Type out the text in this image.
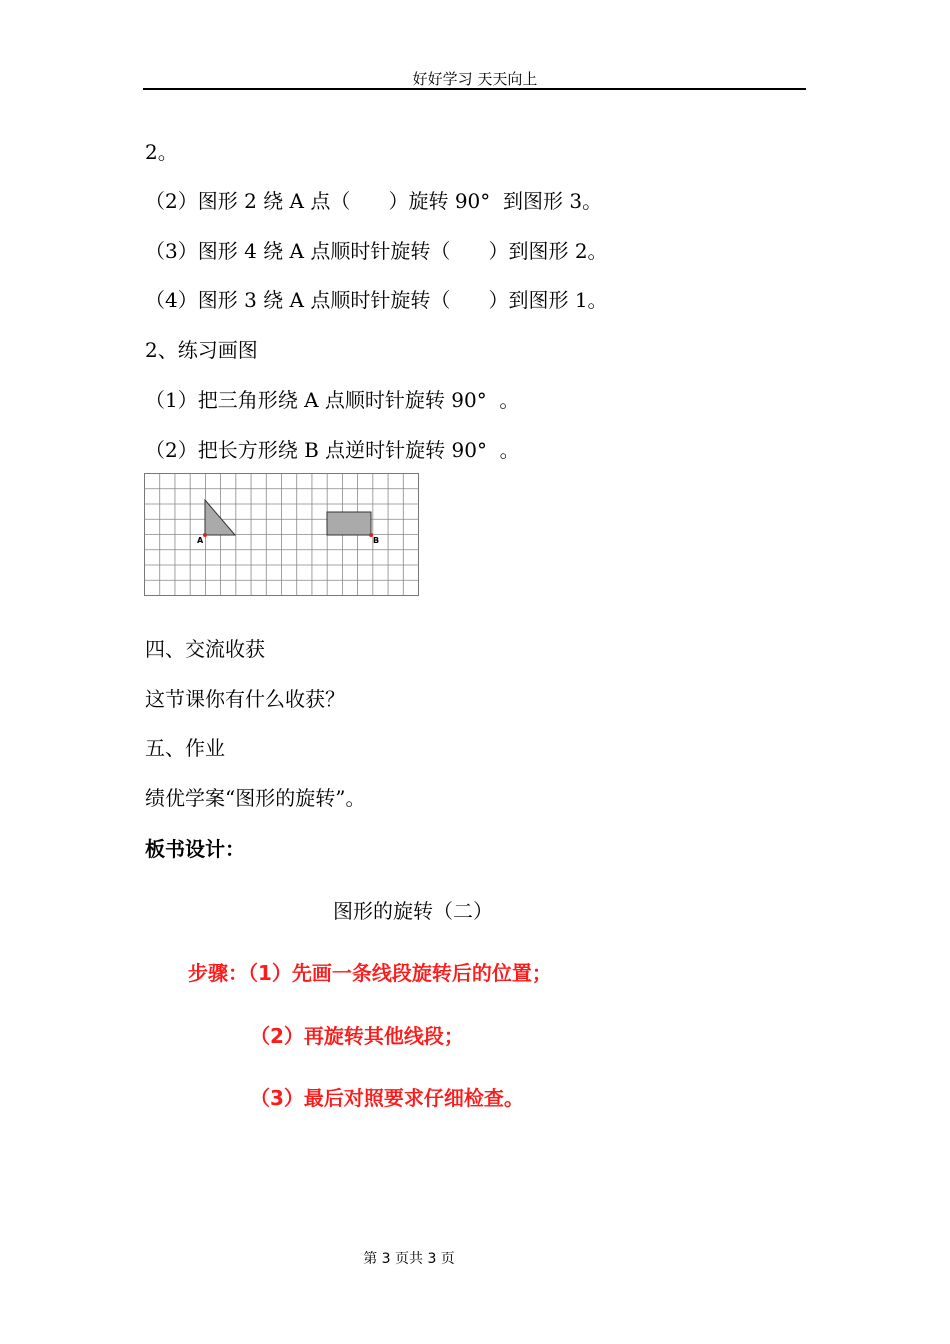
好好学习 天天向上
2。
（2）图形 2 绕 A 点（      ）旋转 90°  到图形 3。
（3）图形 4 绕 A 点顺时针旋转（      ）到图形 2。
（4）图形 3 绕 A 点顺时针旋转（      ）到图形 1。
2、练习画图
（1）把三角形绕 A 点顺时针旋转 90°  。
（2）把长方形绕 B 点逆时针旋转 90°  。
A	B
四、交流收获
这节课你有什么收获？
五、作业
绩优学案“图形的旋转”。
板书设计：
图形的旋转（二）
步骤：（1）先画一条线段旋转后的位置；
（2）再旋转其他线段；
（3）最后对照要求仔细检查。
第 3 页共 3 页
